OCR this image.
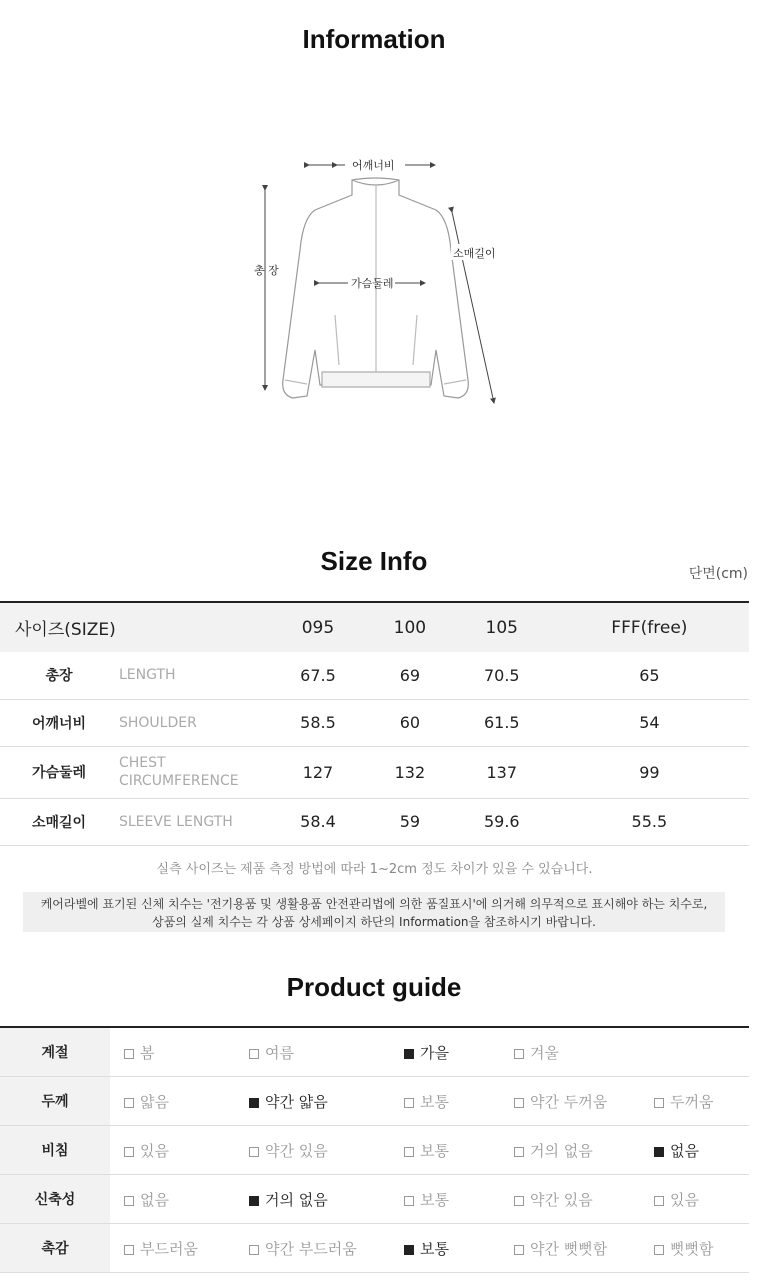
Information
어깨너비
총 장
가슴둘레
소매길이
Size Info	단면(cm)
사이즈(SIZE)		095	100	105	FFF(free)
총장	LENGTH	67.5	69	70.5	65
어깨너비	SHOULDER	58.5	60	61.5	54
가슴둘레	CHEST CIRCUMFERENCE	127	132	137	99
소매길이	SLEEVE LENGTH	58.4	59	59.6	55.5
실측 사이즈는 제품 측정 방법에 따라 1~2cm 정도 차이가 있을 수 있습니다.
케어라벨에 표기된 신체 치수는 '전기용품 및 생활용품 안전관리법에 의한 품질표시'에 의거해 의무적으로 표시해야 하는 치수로,
상품의 실제 치수는 각 상품 상세페이지 하단의 Information을 참조하시기 바랍니다.
Product guide
계절	봄	여름	가을	겨울	
두께	얇음	약간 얇음	보통	약간 두꺼움	두꺼움
비침	있음	약간 있음	보통	거의 없음	없음
신축성	없음	거의 없음	보통	약간 있음	있음
촉감	부드러움	약간 부드러움	보통	약간 뻣뻣함	뻣뻣함
